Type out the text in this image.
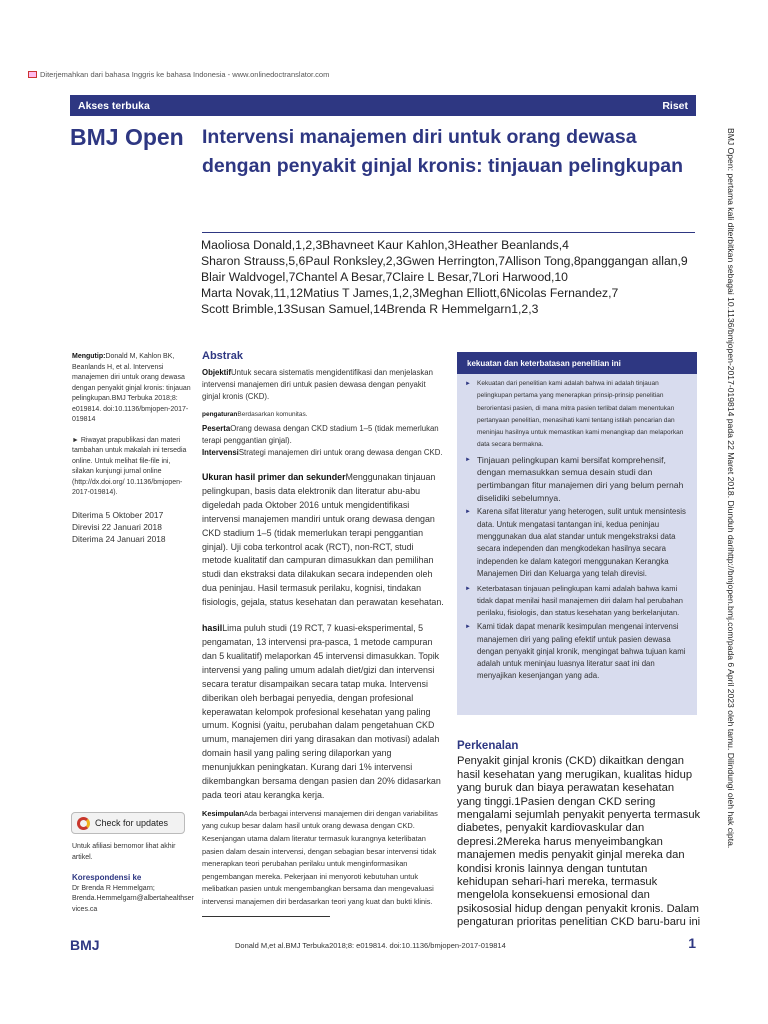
Diterjemahkan dari bahasa Inggris ke bahasa Indonesia - www.onlinedoctranslator.com
Akses terbuka	Riset
BMJ Open Intervensi manajemen diri untuk orang dewasa dengan penyakit ginjal kronis: tinjauan pelingkupan
Maoliosa Donald,1,2,3Bhavneet Kaur Kahlon,3Heather Beanlands,4
Sharon Strauss,5,6Paul Ronksley,2,3Gwen Herrington,7Allison Tong,8panggangan allan,9
Blair Waldvogel,7Chantel A Besar,7Claire L Besar,7Lori Harwood,10
Marta Novak,11,12Matius T James,1,2,3Meghan Elliott,6Nicolas Fernandez,7
Scott Brimble,13Susan Samuel,14Brenda R Hemmelgarn1,2,3	BMJ Open: pertama kali diterbitkan sebagai 10.1136/bmjopen-2017-019814 pada 22 Maret 2018. Diunduh darihttp://bmjopen.bmj.com/pada 6 April 2023 oleh tamu. Dilindungi oleh hak cipta.

Mengutip:Donald M, Kahlon BK, Beanlands H, et al. Intervensi manajemen diri untuk orang dewasa dengan penyakit ginjal kronis: tinjauan pelingkupan.BMJ Terbuka 2018;8: e019814. doi:10.1136/bmjopen-2017-019814

► Riwayat prapublikasi dan materi tambahan untuk makalah ini tersedia online. Untuk melihat file-file ini, silakan kunjungi jurnal online (http://dx.doi.org/ 10.1136/bmjopen-2017-019814).

Diterima 5 Oktober 2017

Direvisi 22 Januari 2018

Diterima 24 Januari 2018

Check for updates

Untuk afiliasi bernomor lihat akhir artikel.

Korespondensi ke

Dr Brenda R Hemmelgarn;

Brenda.Hemmelgarn@albertahealthservices.ca

Abstrak

ObjektifUntuk secara sistematis mengidentifikasi dan menjelaskan intervensi manajemen diri untuk pasien dewasa dengan penyakit ginjal kronis (CKD).

pengaturanBerdasarkan komunitas.

PesertaOrang dewasa dengan CKD stadium 1–5 (tidak memerlukan terapi penggantian ginjal).

IntervensiStrategi manajemen diri untuk orang dewasa dengan CKD.

Ukuran hasil primer dan sekunderMenggunakan tinjauan pelingkupan, basis data elektronik dan literatur abu-abu digeledah pada Oktober 2016 untuk mengidentifikasi intervensi manajemen mandiri untuk orang dewasa dengan CKD stadium 1–5 (tidak memerlukan terapi penggantian ginjal). Uji coba terkontrol acak (RCT), non-RCT, studi metode kualitatif dan campuran dimasukkan dan pemilihan studi dan ekstraksi data dilakukan secara independen oleh dua peninjau. Hasil termasuk perilaku, kognisi, tindakan fisiologis, gejala, status kesehatan dan perawatan kesehatan.

hasilLima puluh studi (19 RCT, 7 kuasi-eksperimental, 5 pengamatan, 13 intervensi pra-pasca, 1 metode campuran dan 5 kualitatif) melaporkan 45 intervensi dimasukkan. Topik intervensi yang paling umum adalah diet/gizi dan intervensi secara teratur disampaikan secara tatap muka. Intervensi diberikan oleh berbagai penyedia, dengan profesional keperawatan kelompok profesional kesehatan yang paling umum. Kognisi (yaitu, perubahan dalam pengetahuan CKD umum, manajemen diri yang dirasakan dan motivasi) adalah domain hasil yang paling sering dilaporkan yang menunjukkan peningkatan. Kurang dari 1% intervensi dikembangkan bersama dengan pasien dan 20% didasarkan pada teori atau kerangka kerja.

KesimpulanAda berbagai intervensi manajemen diri dengan variabilitas yang cukup besar dalam hasil untuk orang dewasa dengan CKD. Kesenjangan utama dalam literatur termasuk kurangnya keterlibatan pasien dalam desain intervensi, dengan sebagian besar intervensi tidak menerapkan teori perubahan perilaku untuk menginformasikan pengembangan mereka. Pekerjaan ini menyoroti kebutuhan untuk melibatkan pasien untuk mengembangkan bersama dan mengevaluasi intervensi manajemen diri berdasarkan teori yang kuat dan bukti klinis.

kekuatan dan keterbatasan penelitian ini
► Kekuatan dari penelitian kami adalah bahwa ini adalah tinjauan pelingkupan pertama yang menerapkan prinsip-prinsip penelitian berorientasi pasien, di mana mitra pasien terlibat dalam menentukan pertanyaan penelitian, menasihati kami tentang istilah pencarian dan meninjau hasilnya untuk memastikan kami menangkap dan melaporkan data secara bermakna.
► Tinjauan pelingkupan kami bersifat komprehensif, dengan memasukkan semua desain studi dan pertimbangan fitur manajemen diri yang belum pernah diselidiki sebelumnya.
► Karena sifat literatur yang heterogen, sulit untuk mensintesis data. Untuk mengatasi tantangan ini, kedua peninjau menggunakan dua alat standar untuk mengekstraksi data secara independen dan mengkodekan hasilnya secara independen ke dalam kategori menggunakan Kerangka Manajemen Diri dan Keluarga yang telah direvisi.
► Keterbatasan tinjauan pelingkupan kami adalah bahwa kami tidak dapat menilai hasil manajemen diri dalam hal perubahan perilaku, fisiologis, dan status kesehatan yang berkelanjutan.
► Kami tidak dapat menarik kesimpulan mengenai intervensi manajemen diri yang paling efektif untuk pasien dewasa dengan penyakit ginjal kronik, mengingat bahwa tujuan kami adalah untuk meninjau luasnya literatur saat ini dan menyajikan kesenjangan yang ada.
Perkenalan

Penyakit ginjal kronis (CKD) dikaitkan dengan hasil kesehatan yang merugikan, kualitas hidup yang buruk dan biaya perawatan kesehatan yang tinggi.1Pasien dengan CKD sering mengalami sejumlah penyakit penyerta termasuk diabetes, penyakit kardiovaskular dan depresi.2Mereka harus menyeimbangkan manajemen medis penyakit ginjal mereka dan kondisi kronis lainnya dengan tuntutan kehidupan sehari-hari mereka, termasuk mengelola konsekuensi emosional dan psikososial hidup dengan penyakit kronis. Dalam pengaturan prioritas penelitian CKD baru-baru ini

BMJ	Donald M,et al.BMJ Terbuka2018;8: e019814. doi:10.1136/bmjopen-2017-019814	1
